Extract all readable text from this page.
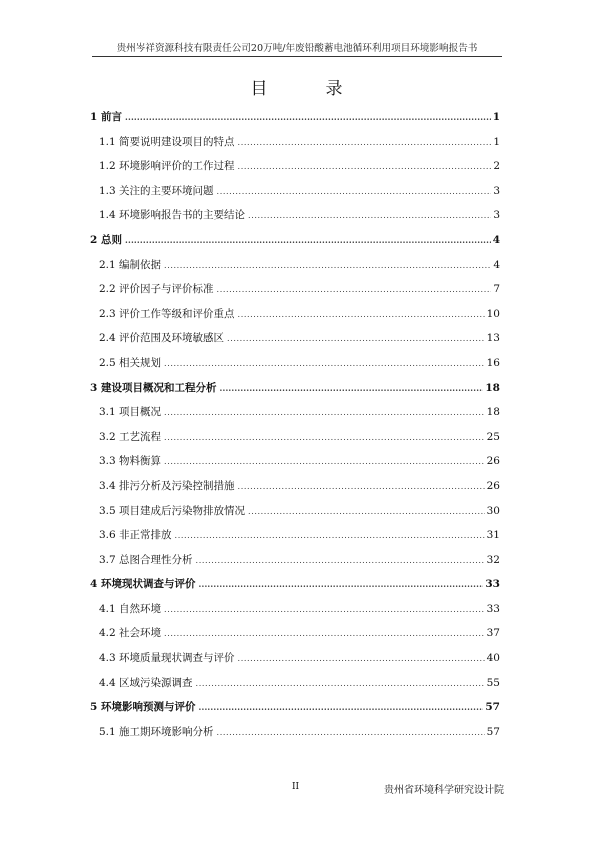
贵州岑祥资源科技有限责任公司20万吨/年废铅酸蓄电池循环利用项目环境影响报告书
目	录
1 前言 .....	1
1.1 简要说明建设项目的特点 .....	1
1.2 环境影响评价的工作过程 .....	2
1.3 关注的主要环境问题 .....	3
1.4 环境影响报告书的主要结论 .....	3
2 总则 .....	4
2.1 编制依据 .....	4
2.2 评价因子与评价标准 .....	7
2.3 评价工作等级和评价重点 .....	10
2.4 评价范围及环境敏感区 .....	13
2.5 相关规划 .....	16
3 建设项目概况和工程分析 .....	18
3.1 项目概况 .....	18
3.2 工艺流程 .....	25
3.3 物料衡算 .....	26
3.4 排污分析及污染控制措施 .....	26
3.5 项目建成后污染物排放情况 .....	30
3.6 非正常排放 .....	31
3.7 总图合理性分析 .....	32
4 环境现状调查与评价 .....	33
4.1 自然环境 .....	33
4.2 社会环境 .....	37
4.3 环境质量现状调查与评价 .....	40
4.4 区域污染源调查 .....	55
5 环境影响预测与评价 .....	57
5.1 施工期环境影响分析 .....	57
II	贵州省环境科学研究设计院
